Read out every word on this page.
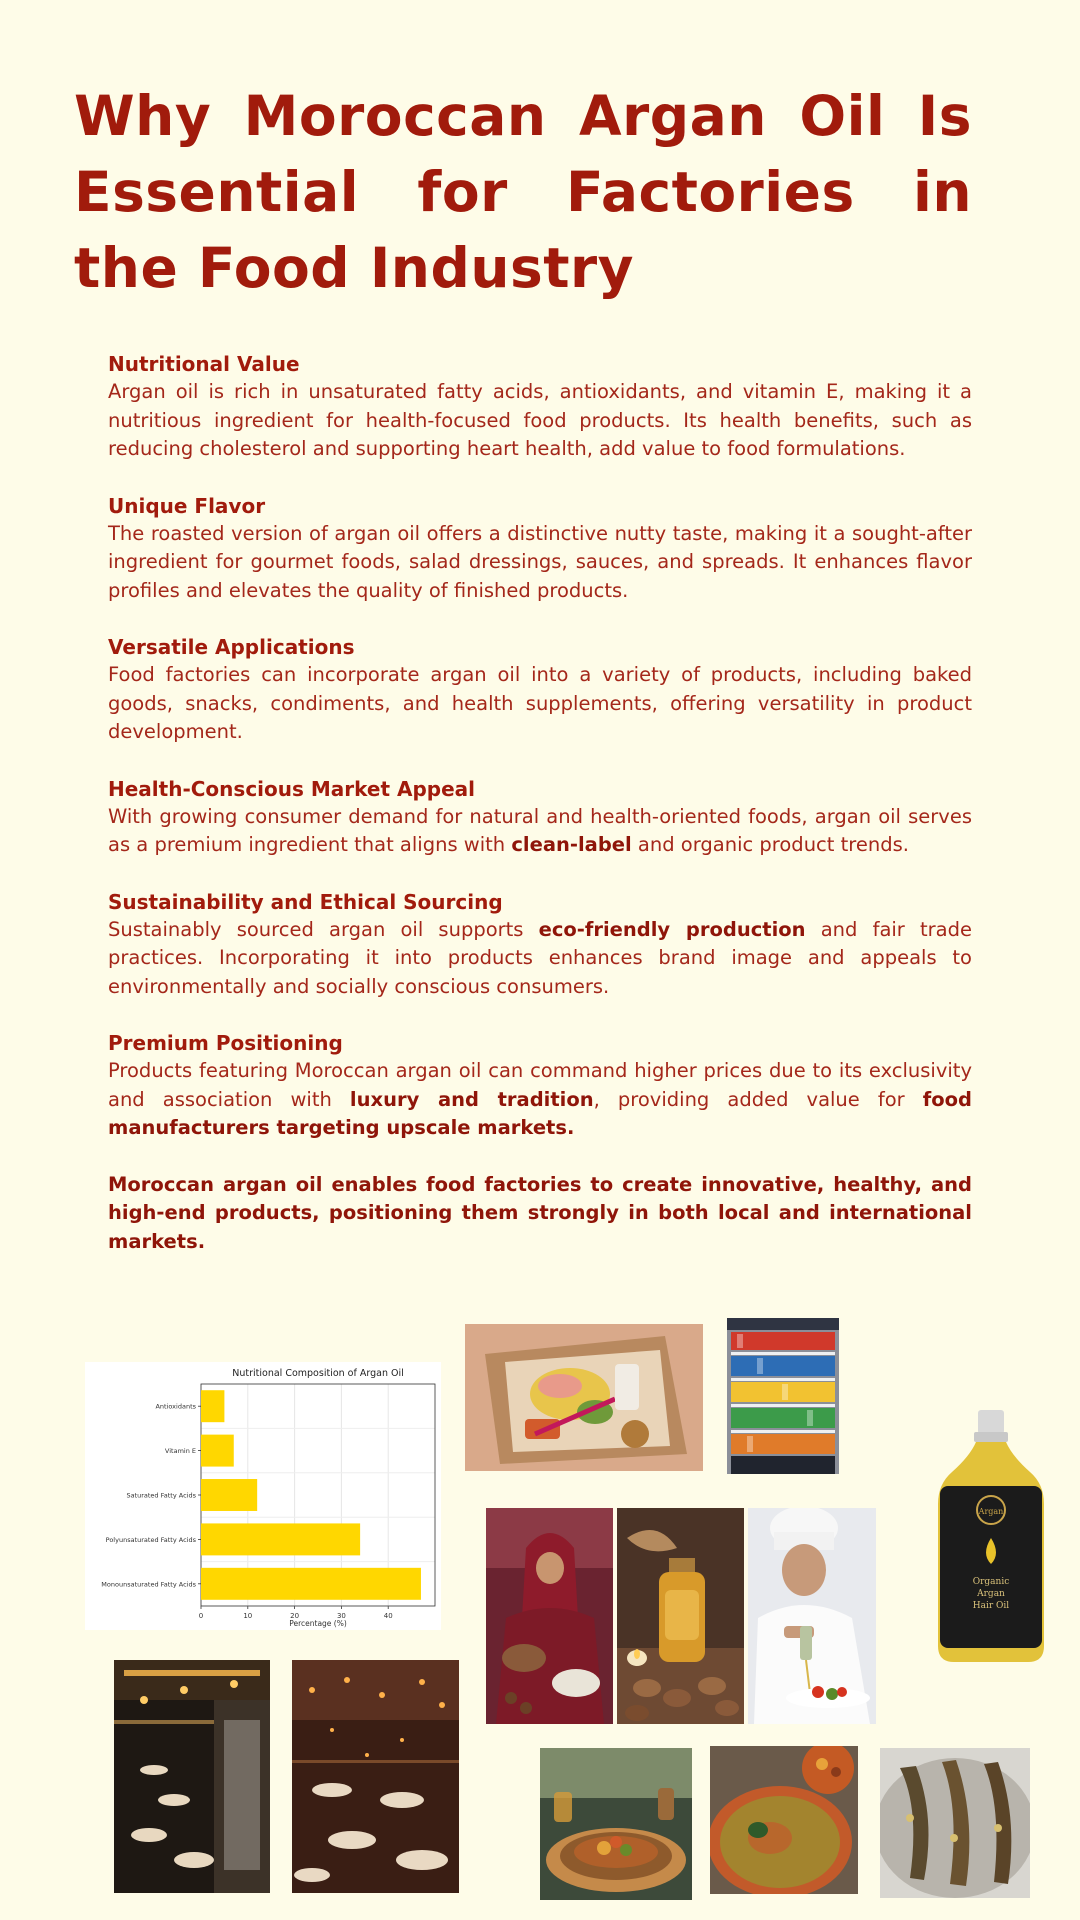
Why Moroccan Argan Oil Is Essential for Factories in the Food Industry
Nutritional Value

Argan oil is rich in unsaturated fatty acids, antioxidants, and vitamin E, making it a nutritious ingredient for health-focused food products. Its health benefits, such as reducing cholesterol and supporting heart health, add value to food formulations.

Unique Flavor

The roasted version of argan oil offers a distinctive nutty taste, making it a sought-after ingredient for gourmet foods, salad dressings, sauces, and spreads. It enhances flavor profiles and elevates the quality of finished products.

Versatile Applications

Food factories can incorporate argan oil into a variety of products, including baked goods, snacks, condiments, and health supplements, offering versatility in product development.

Health-Conscious Market Appeal

With growing consumer demand for natural and health-oriented foods, argan oil serves as a premium ingredient that aligns with clean-label and organic product trends.

Sustainability and Ethical Sourcing

Sustainably sourced argan oil supports eco-friendly production and fair trade practices. Incorporating it into products enhances brand image and appeals to environmentally and socially conscious consumers.

Premium Positioning

Products featuring Moroccan argan oil can command higher prices due to its exclusivity and association with luxury and tradition, providing added value for food manufacturers targeting upscale markets.

Moroccan argan oil enables food factories to create innovative, healthy, and high-end products, positioning them strongly in both local and international markets.

Nutritional Composition of Argan Oil
0	10	20	30	40
Antioxidants
Vitamin E
Saturated Fatty Acids
Polyunsaturated Fatty Acids
Monounsaturated Fatty Acids
Percentage (%)
Argan
Organic
Argan
Hair Oil
